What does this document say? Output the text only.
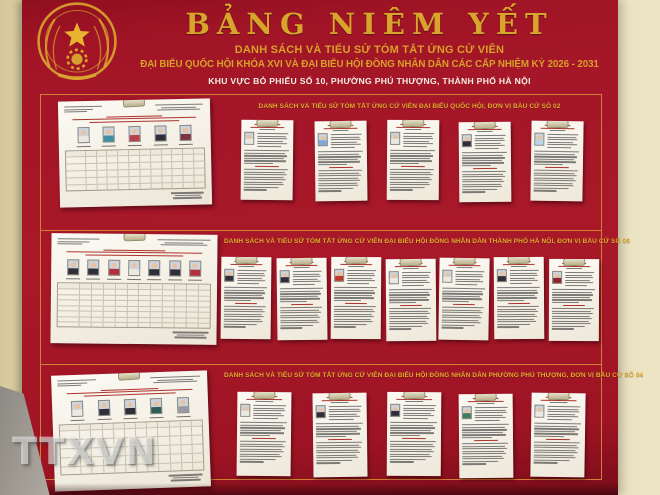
BẢNG NIÊM YẾT
DANH SÁCH VÀ TIỂU SỬ TÓM TẮT ỨNG CỬ VIÊN
ĐẠI BIỂU QUỐC HỘI KHÓA XVI VÀ ĐẠI BIỂU HỘI ĐỒNG NHÂN DÂN CÁC CẤP NHIỆM KỲ 2026 - 2031
KHU VỰC BỎ PHIẾU SỐ 10, PHƯỜNG PHÚ THƯỢNG, THÀNH PHỐ HÀ NỘI
DANH SÁCH VÀ TIỂU SỬ TÓM TẮT ỨNG CỬ VIÊN ĐẠI BIỂU QUỐC HỘI, ĐƠN VỊ BẦU CỬ SỐ 02
DANH SÁCH VÀ TIỂU SỬ TÓM TẮT ỨNG CỬ VIÊN ĐẠI BIỂU HỘI ĐỒNG NHÂN DÂN THÀNH PHỐ HÀ NỘI, ĐƠN VỊ BẦU CỬ SỐ 06
DANH SÁCH VÀ TIỂU SỬ TÓM TẮT ỨNG CỬ VIÊN ĐẠI BIỂU HỘI ĐỒNG NHÂN DÂN PHƯỜNG PHÚ THƯỢNG, ĐƠN VỊ BẦU CỬ SỐ 04
TTXVN
